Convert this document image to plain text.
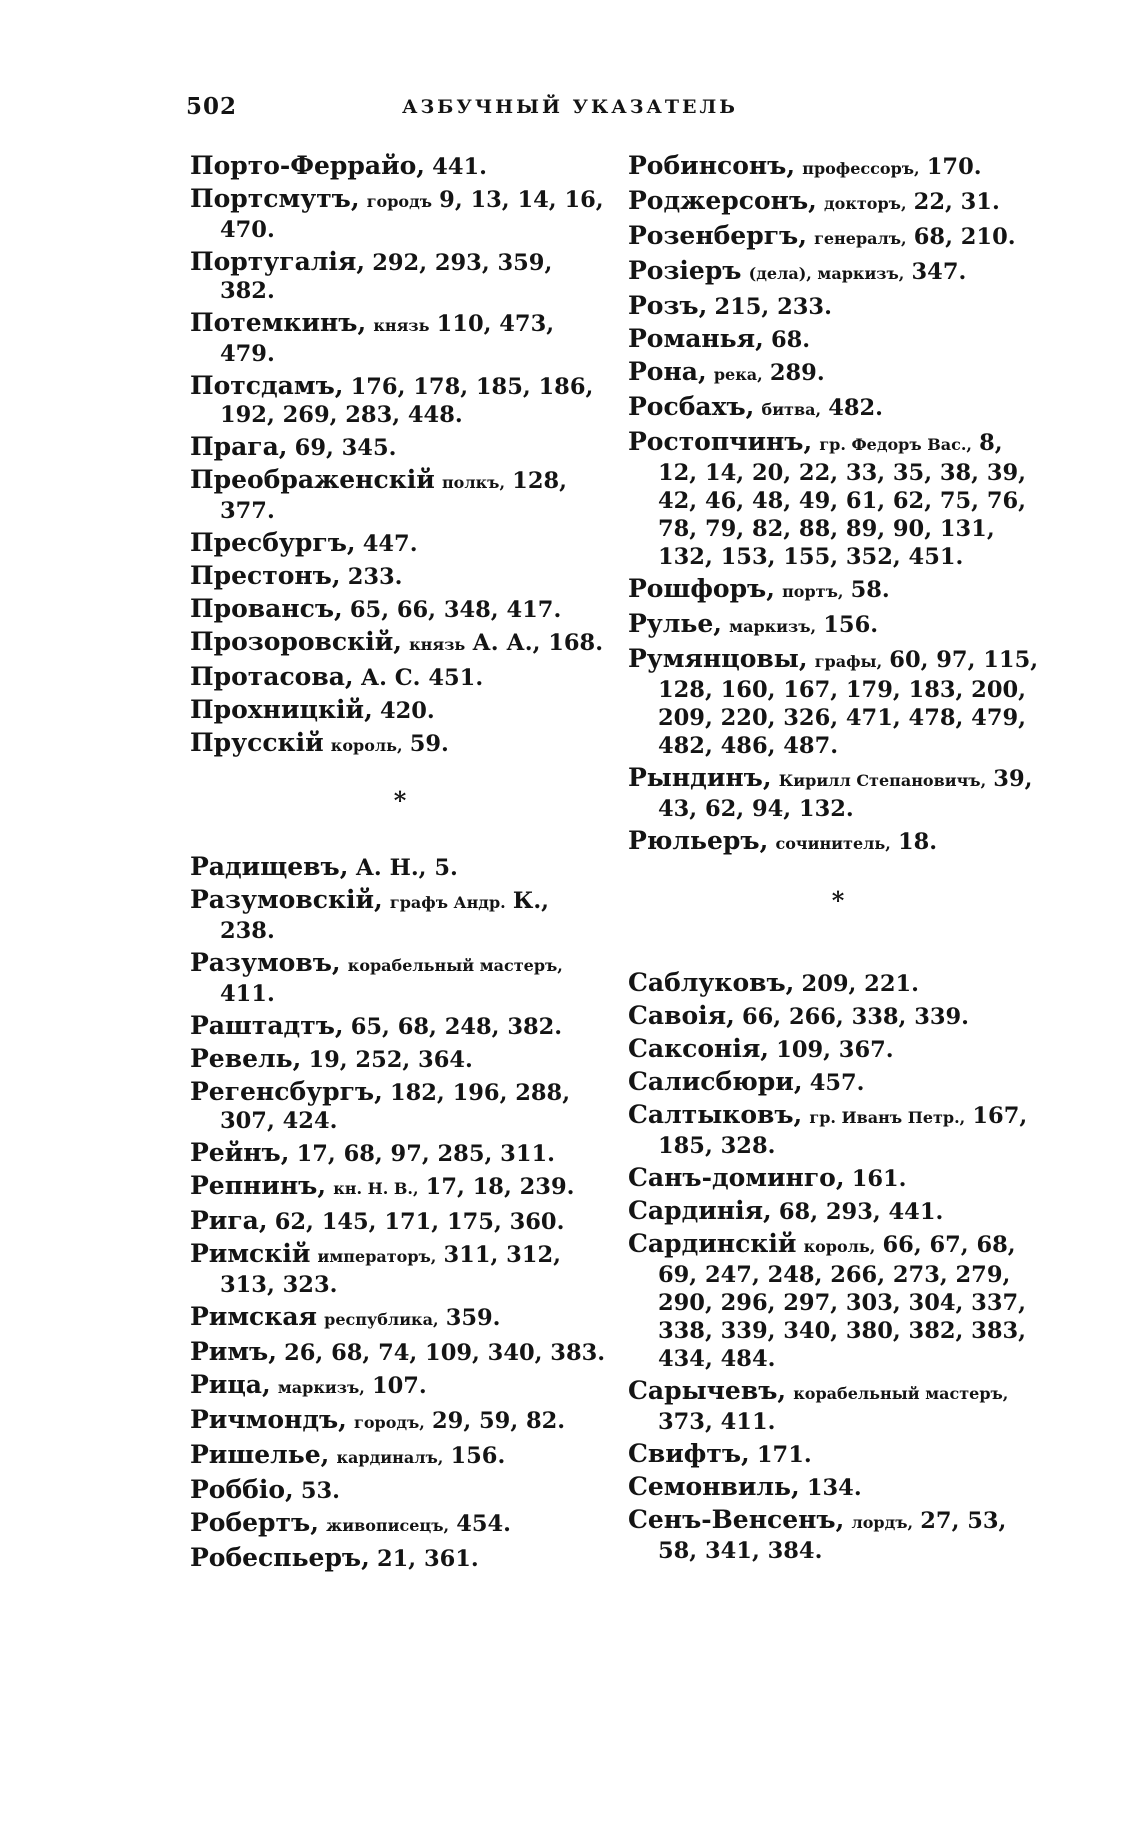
502	АЗБУЧНЫЙ УКАЗАТЕЛЬ
Порто-Феррайо, 441.
Портсмутъ, городъ 9, 13, 14, 16, 470.
Португалія, 292, 293, 359, 382.
Потемкинъ, князь 110, 473, 479.
Потсдамъ, 176, 178, 185, 186, 192, 269, 283, 448.
Прага, 69, 345.
Преображенскій полкъ, 128, 377.
Пресбургъ, 447.
Престонъ, 233.
Провансъ, 65, 66, 348, 417.
Прозоровскій, князь А. А., 168.
Протасова, А. С. 451.
Прохницкій, 420.
Прусскій король, 59.
*
Радищевъ, А. Н., 5.
Разумовскій, графъ Андр. К., 238.
Разумовъ, корабельный мастеръ, 411.
Раштадтъ, 65, 68, 248, 382.
Ревель, 19, 252, 364.
Регенсбургъ, 182, 196, 288, 307, 424.
Рейнъ, 17, 68, 97, 285, 311.
Репнинъ, кн. Н. В., 17, 18, 239.
Рига, 62, 145, 171, 175, 360.
Римскій императоръ, 311, 312, 313, 323.
Римская республика, 359.
Римъ, 26, 68, 74, 109, 340, 383.
Рица, маркизъ, 107.
Ричмондъ, городъ, 29, 59, 82.
Ришелье, кардиналъ, 156.
Роббіо, 53.
Робертъ, живописецъ, 454.
Робеспьеръ, 21, 361.
Робинсонъ, профессоръ, 170.
Роджерсонъ, докторъ, 22, 31.
Розенбергъ, генералъ, 68, 210.
Розіеръ (дела), маркизъ, 347.
Розъ, 215, 233.
Романья, 68.
Рона, река, 289.
Росбахъ, битва, 482.
Ростопчинъ, гр. Федоръ Вас., 8, 12, 14, 20, 22, 33, 35, 38, 39, 42, 46, 48, 49, 61, 62, 75, 76, 78, 79, 82, 88, 89, 90, 131, 132, 153, 155, 352, 451.
Рошфоръ, портъ, 58.
Рулье, маркизъ, 156.
Румянцовы, графы, 60, 97, 115, 128, 160, 167, 179, 183, 200, 209, 220, 326, 471, 478, 479, 482, 486, 487.
Рындинъ, Кирилл Степановичъ, 39, 43, 62, 94, 132.
Рюльеръ, сочинитель, 18.
*
Саблуковъ, 209, 221.
Савоія, 66, 266, 338, 339.
Саксонія, 109, 367.
Салисбюри, 457.
Салтыковъ, гр. Иванъ Петр., 167, 185, 328.
Санъ-доминго, 161.
Сардинія, 68, 293, 441.
Сардинскій король, 66, 67, 68, 69, 247, 248, 266, 273, 279, 290, 296, 297, 303, 304, 337, 338, 339, 340, 380, 382, 383, 434, 484.
Сарычевъ, корабельный мастеръ, 373, 411.
Свифтъ, 171.
Семонвиль, 134.
Сенъ-Венсенъ, лордъ, 27, 53, 58, 341, 384.
